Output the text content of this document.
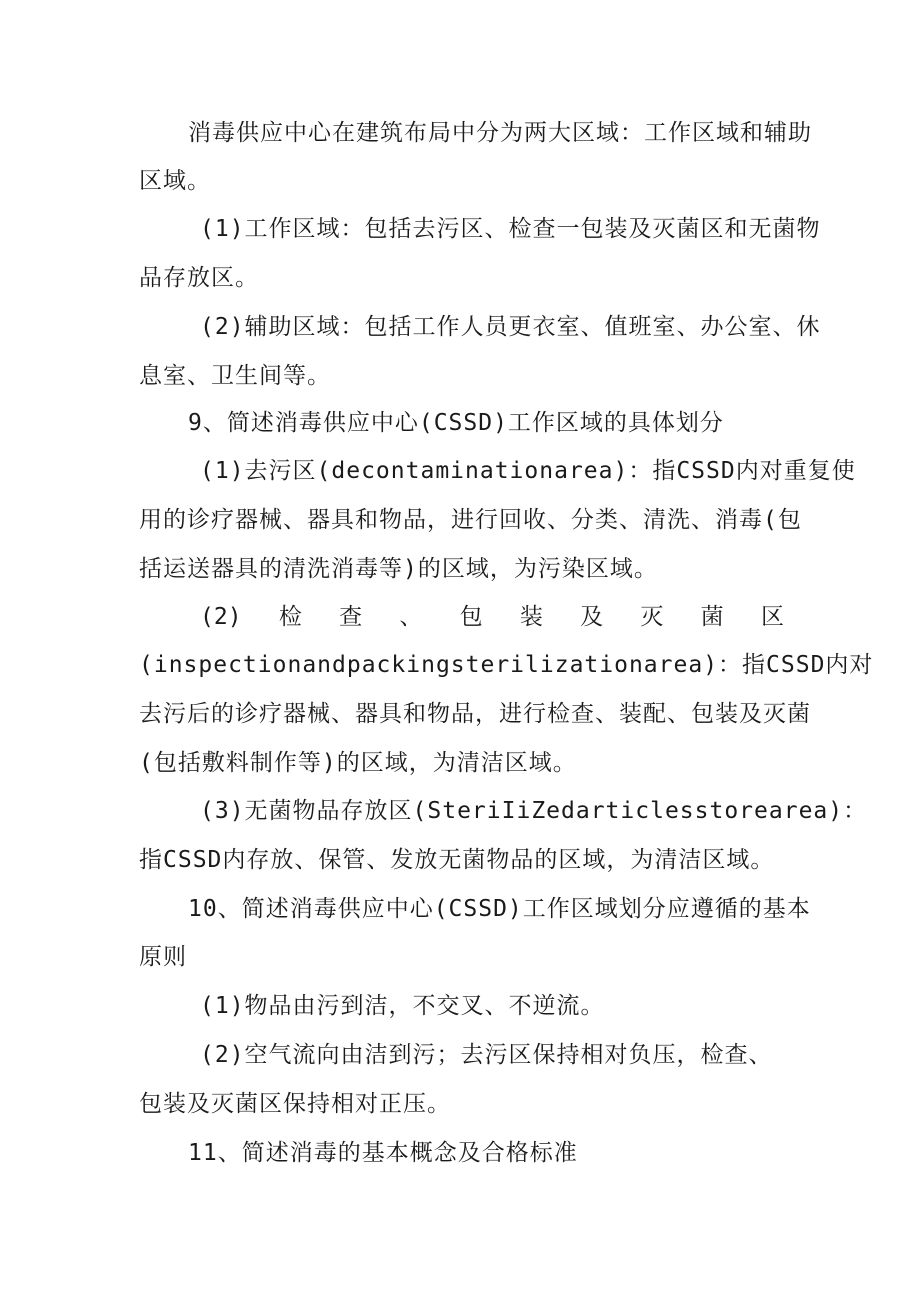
消毒供应中心在建筑布局中分为两大区域：工作区域和辅助
区域。
(1)工作区域：包括去污区、检查一包装及灭菌区和无菌物
品存放区。
(2)辅助区域：包括工作人员更衣室、值班室、办公室、休
息室、卫生间等。
9、简述消毒供应中心(CSSD)工作区域的具体划分
(1)去污区(decontaminationarea)：指CSSD内对重复使
用的诊疗器械、器具和物品，进行回收、分类、清洗、消毒(包
括运送器具的清洗消毒等)的区域，为污染区域。
(2) 检 查 、 包 装 及 灭 菌 区
(inspectionandpackingsterilizationarea)：指CSSD内对
去污后的诊疗器械、器具和物品，进行检查、装配、包装及灭菌
(包括敷料制作等)的区域，为清洁区域。
(3)无菌物品存放区(SteriIiZedarticlesstorearea)：
指CSSD内存放、保管、发放无菌物品的区域，为清洁区域。
10、简述消毒供应中心(CSSD)工作区域划分应遵循的基本
原则
(1)物品由污到洁，不交叉、不逆流。
(2)空气流向由洁到污；去污区保持相对负压，检查、
包装及灭菌区保持相对正压。
11、简述消毒的基本概念及合格标准
